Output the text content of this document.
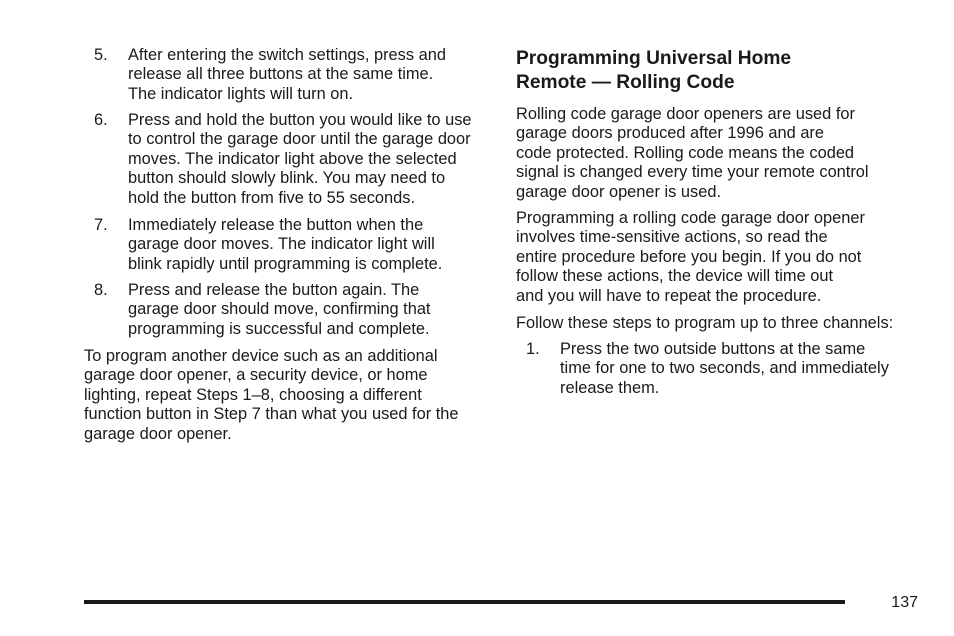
5.	After entering the switch settings, press and
release all three buttons at the same time.
The indicator lights will turn on.
6.	Press and hold the button you would like to use
to control the garage door until the garage door
moves. The indicator light above the selected
button should slowly blink. You may need to
hold the button from five to 55 seconds.
7.	Immediately release the button when the
garage door moves. The indicator light will
blink rapidly until programming is complete.
8.	Press and release the button again. The
garage door should move, confirming that
programming is successful and complete.
To program another device such as an additional
garage door opener, a security device, or home
lighting, repeat Steps 1–8, choosing a different
function button in Step 7 than what you used for the
garage door opener.
Programming Universal Home
Remote — Rolling Code
Rolling code garage door openers are used for
garage doors produced after 1996 and are
code protected. Rolling code means the coded
signal is changed every time your remote control
garage door opener is used.
Programming a rolling code garage door opener
involves time-sensitive actions, so read the
entire procedure before you begin. If you do not
follow these actions, the device will time out
and you will have to repeat the procedure.
Follow these steps to program up to three channels:
1.	Press the two outside buttons at the same
time for one to two seconds, and immediately
release them.
137
